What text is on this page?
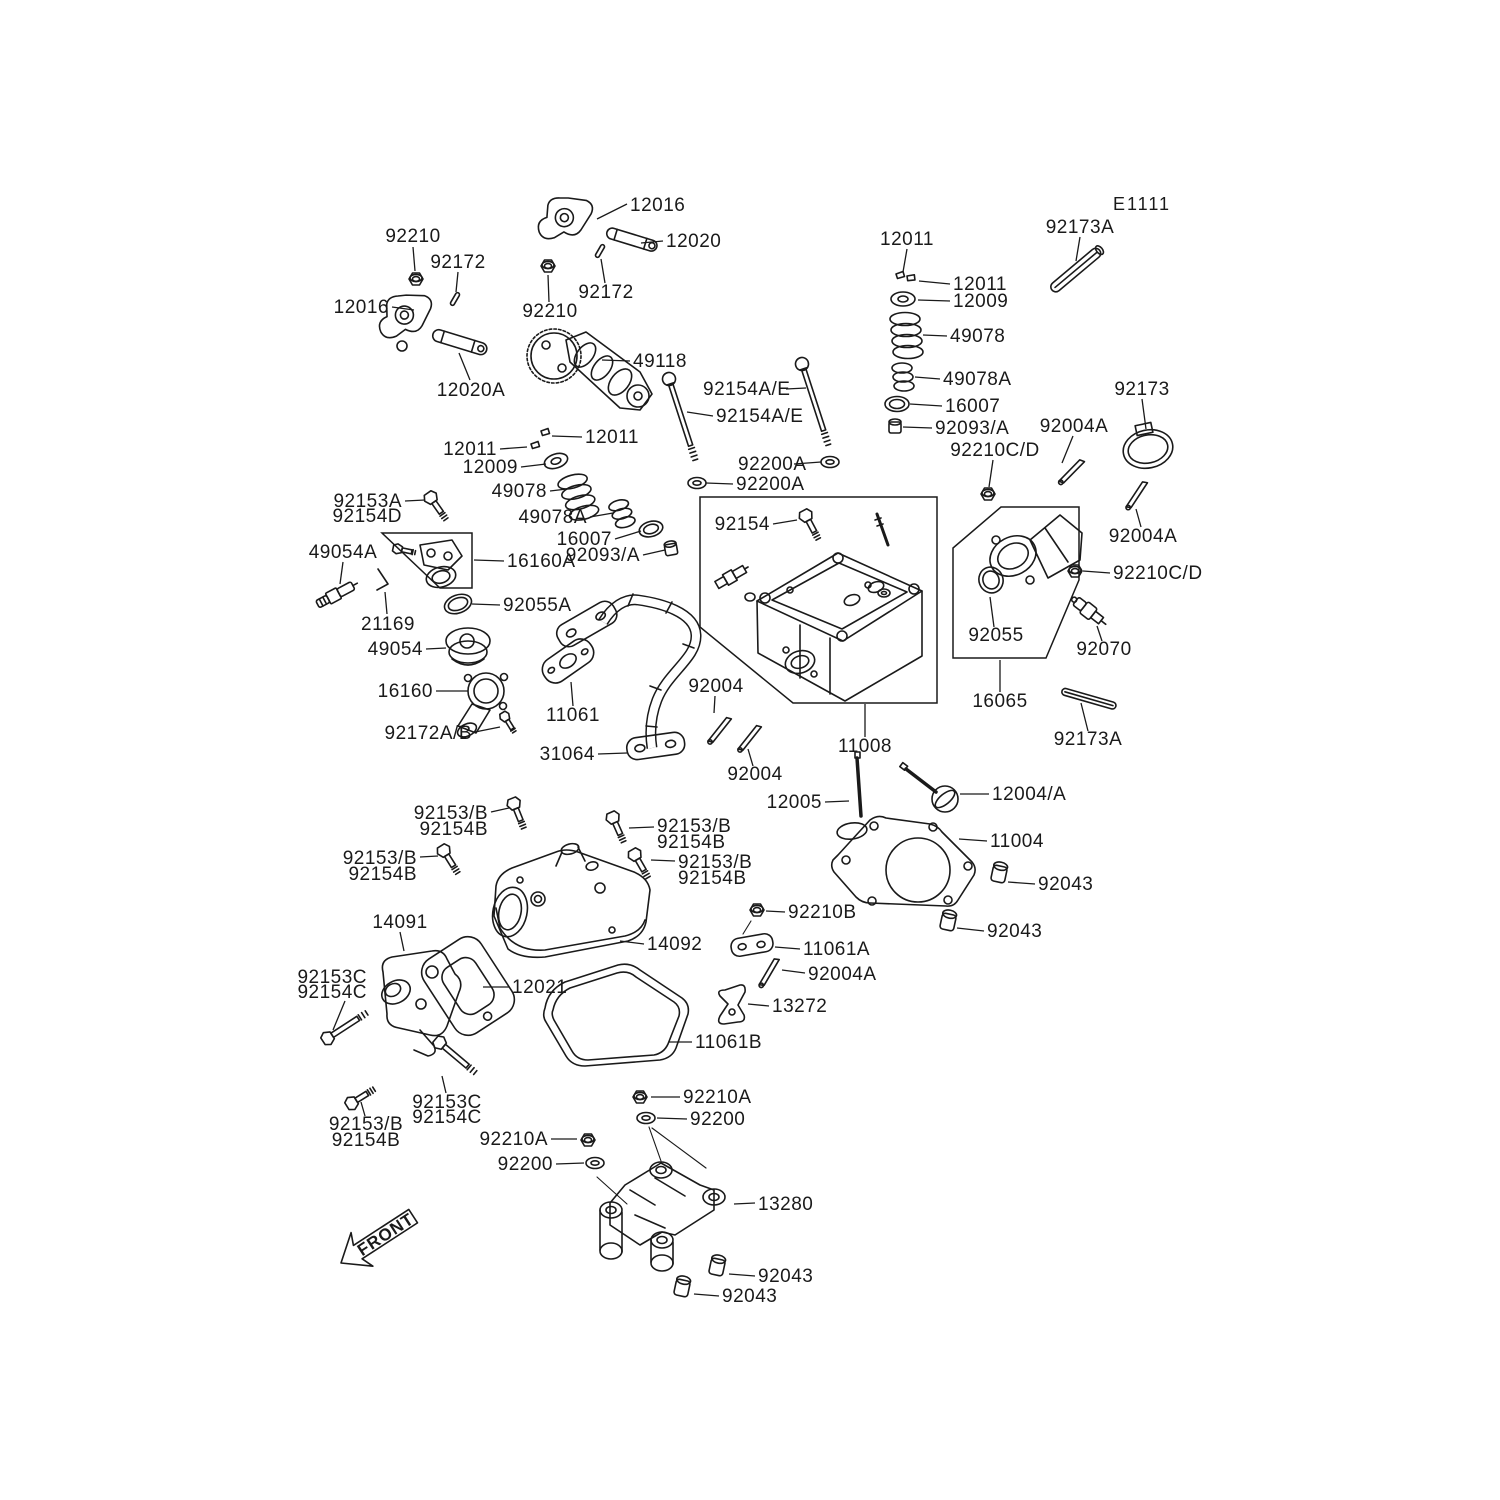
12016
12020
92210
92172
92172
92210
12016
12020A
49118
12011
12011
12009
49078
49078A
16007
92093/A
92153A
92154D
92173A
12011
12011
12009
49078
49078A
16007
92093/A 92004A
92210C/D
92173
92004A
92210C/D
92070
16065
92173A
92055
92154A/E
92154A/E
92200A
92200A
92154
16160A
92055A
49054A
21169
49054
16160
92172A/B
11061
31064
92004
92004
11008
12005	12004/A
11004
92043
92043
92153/B
92154B	92153/B
92154B
92153/B
92154B
92153/B
92154B
14091
14092
92153C
92154C	12021
11061B
92153C
92154C
92153/B
92154B
92210A
92200
92210A
92200
92210B
11061A
92004A
13272
13280
92043
92043
E1111
FRONT
